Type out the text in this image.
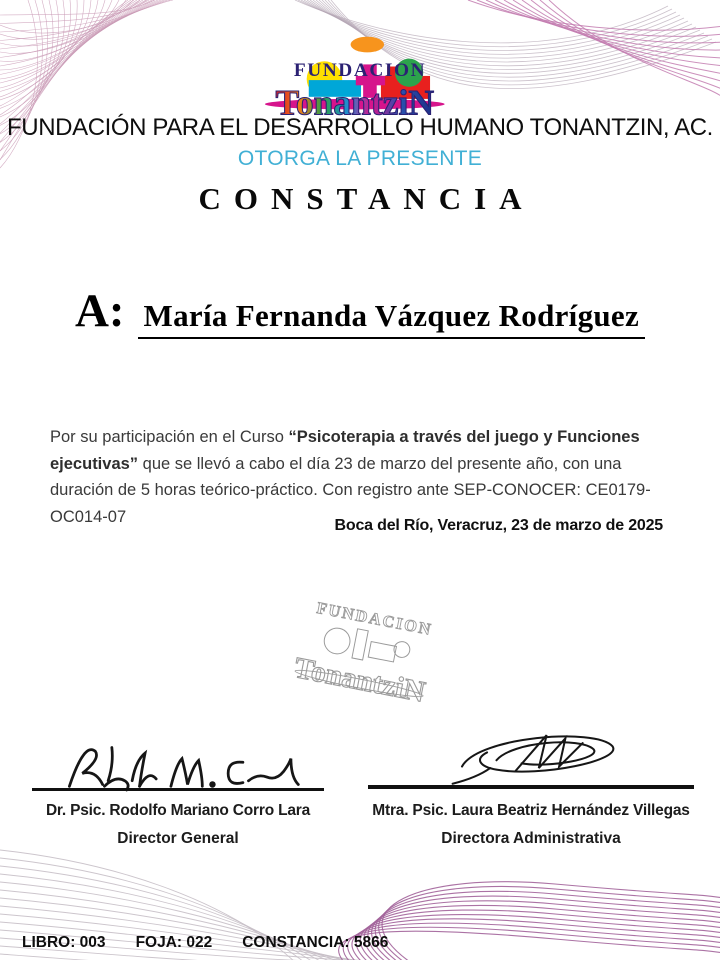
FUNDACION
TonantziN
FUNDACIÓN PARA EL DESARROLLO HUMANO TONANTZIN, AC.
OTORGA LA PRESENTE
CONSTANCIA
A: María Fernanda Vázquez Rodríguez
Por su participación en el Curso “Psicoterapia a través del juego y Funciones ejecutivas” que se llevó a cabo el día 23 de marzo del presente año, con una duración de 5 horas teórico-práctico. Con registro ante SEP-CONOCER: CE0179-OC014-07	Boca del Río, Veracruz, 23 de marzo de 2025
FUNDACION
TonantziN
Dr. Psic. Rodolfo Mariano Corro Lara
Director General
Mtra. Psic. Laura Beatriz Hernández Villegas
Directora Administrativa
LIBRO: 003 FOJA: 022 CONSTANCIA: 5866
